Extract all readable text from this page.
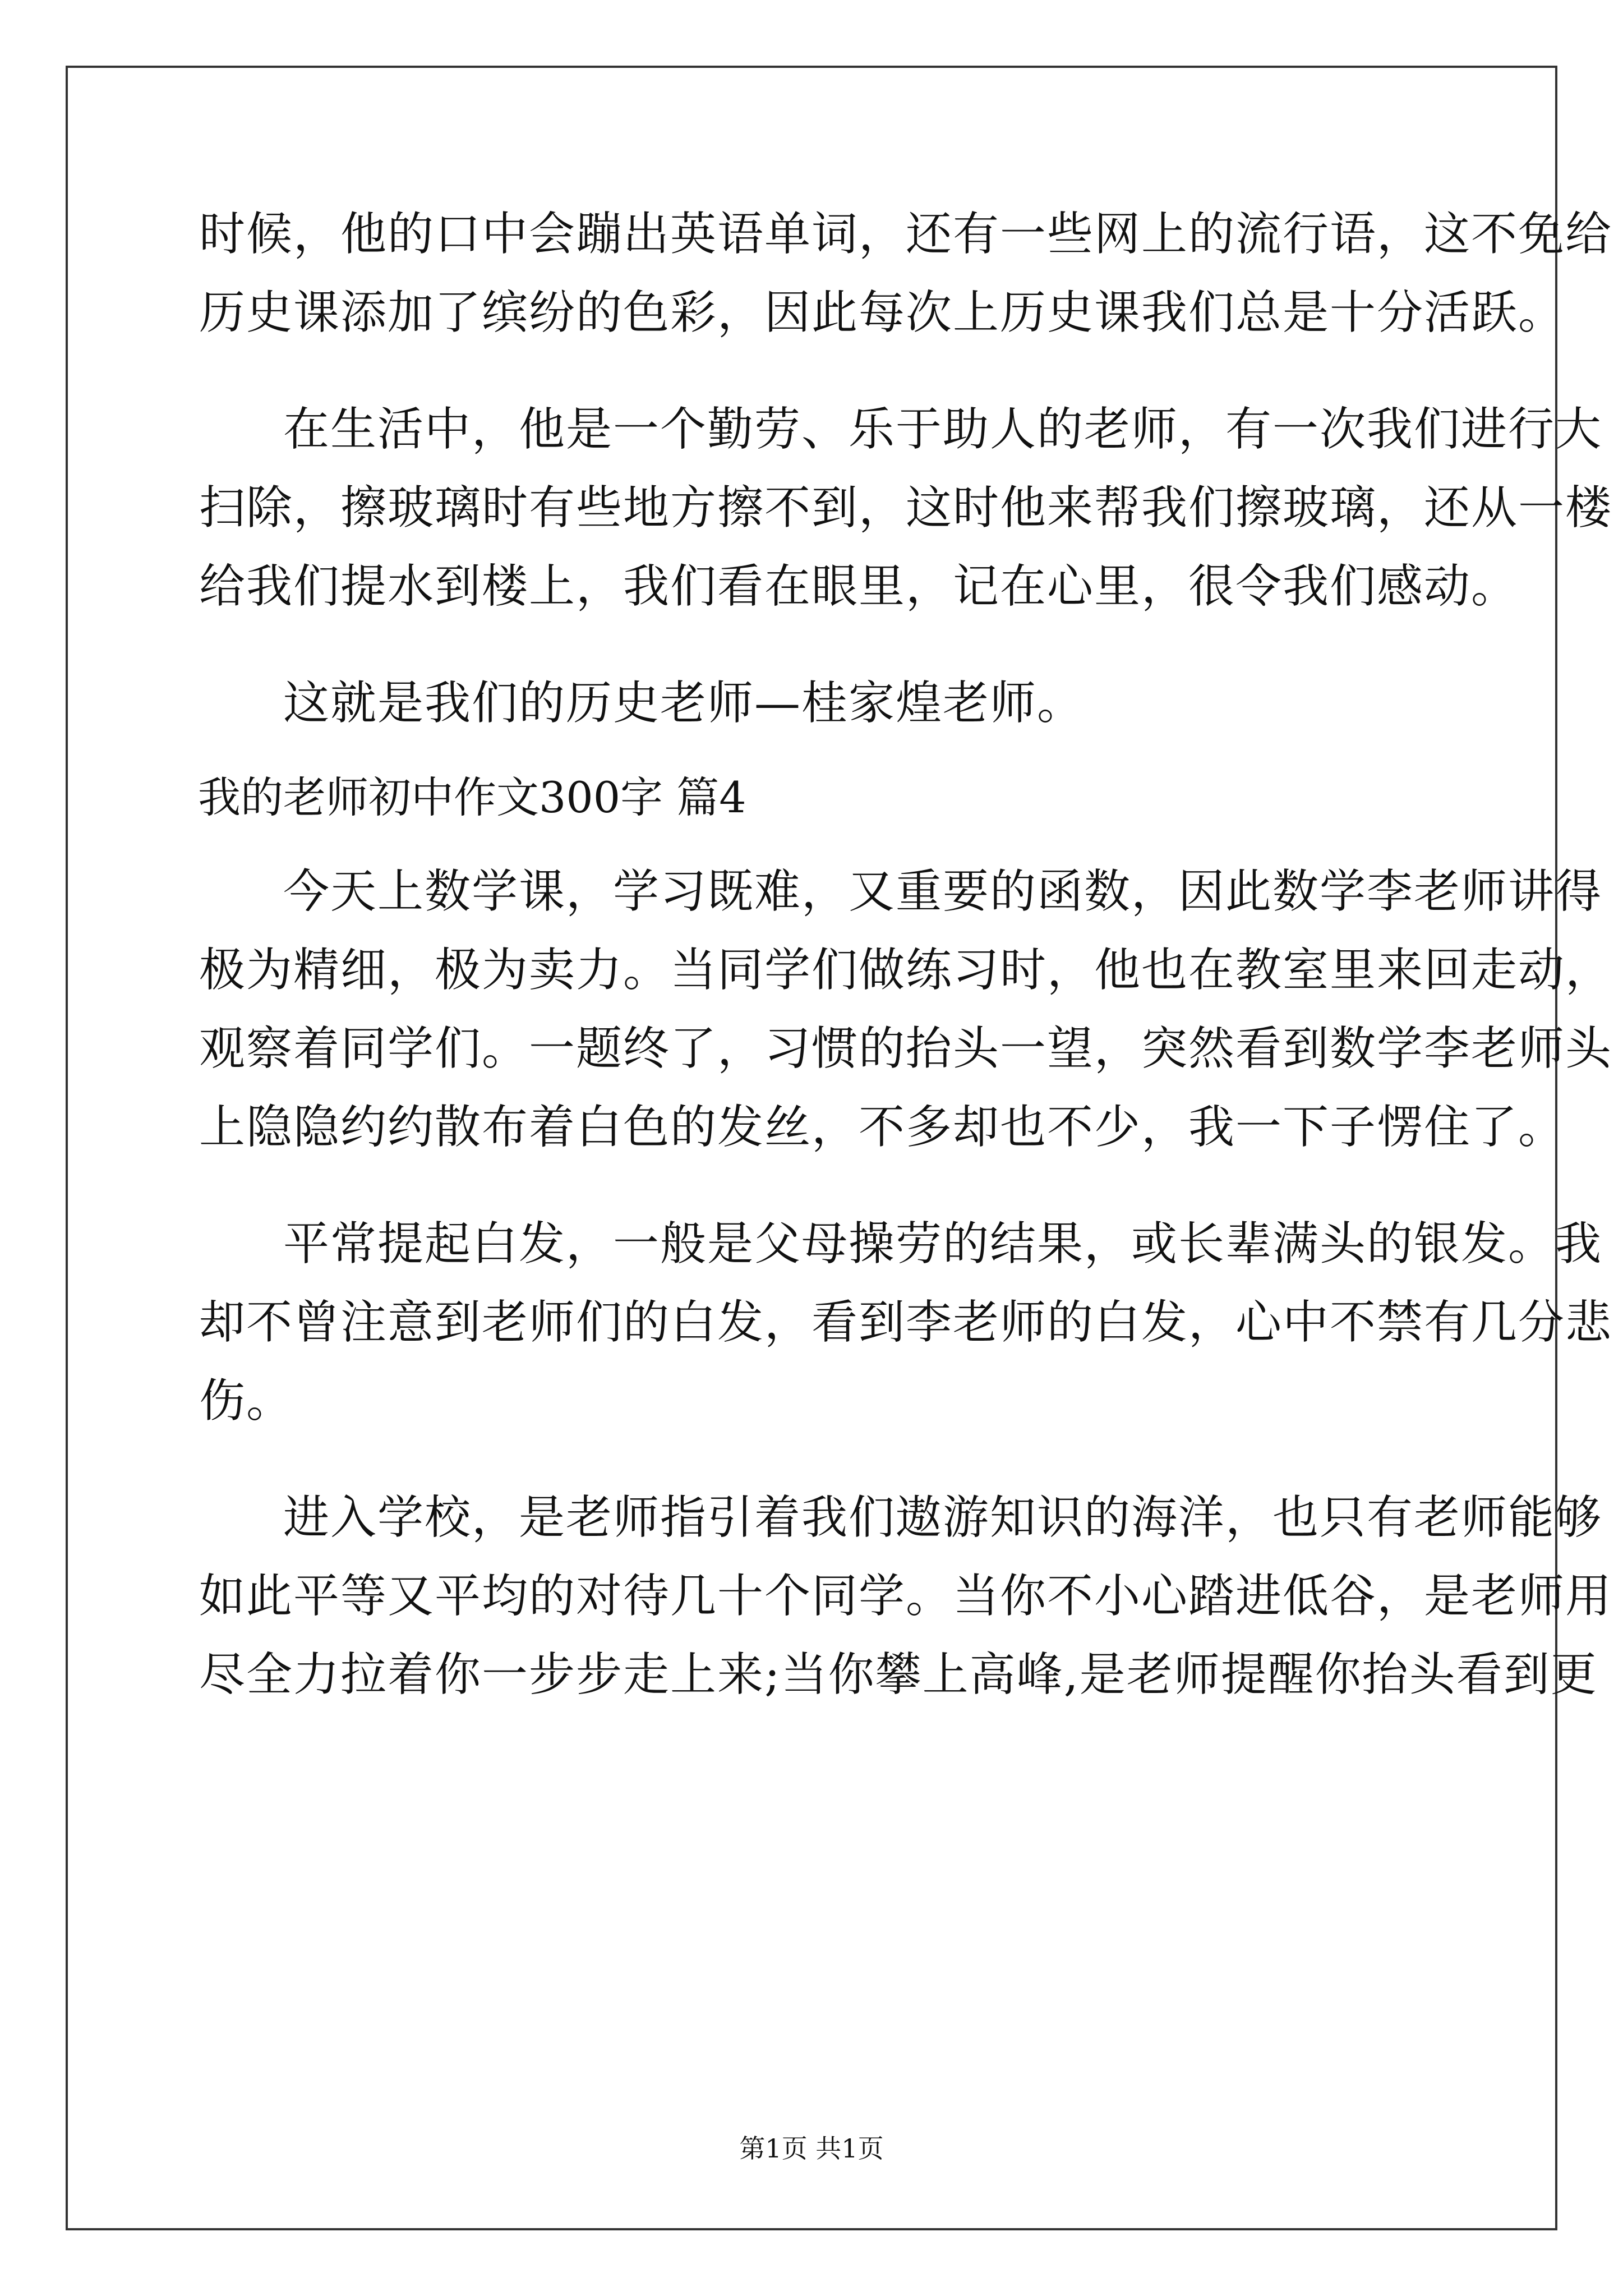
时候，他的口中会蹦出英语单词，还有一些网上的流行语，这不免给
历史课添加了缤纷的色彩，因此每次上历史课我们总是十分活跃。
在生活中，他是一个勤劳、乐于助人的老师，有一次我们进行大
扫除，擦玻璃时有些地方擦不到，这时他来帮我们擦玻璃，还从一楼
给我们提水到楼上，我们看在眼里，记在心里，很令我们感动。
这就是我们的历史老师—桂家煌老师。
我的老师初中作文300字 篇4
今天上数学课，学习既难，又重要的函数，因此数学李老师讲得
极为精细，极为卖力。当同学们做练习时，他也在教室里来回走动，
观察着同学们。一题终了，习惯的抬头一望，突然看到数学李老师头
上隐隐约约散布着白色的发丝，不多却也不少，我一下子愣住了。
平常提起白发，一般是父母操劳的结果，或长辈满头的银发。我
却不曾注意到老师们的白发，看到李老师的白发，心中不禁有几分悲
伤。
进入学校，是老师指引着我们遨游知识的海洋，也只有老师能够
如此平等又平均的对待几十个同学。当你不小心踏进低谷，是老师用
尽全力拉着你一步步走上来;当你攀上高峰,是老师提醒你抬头看到更
第1页 共1页
